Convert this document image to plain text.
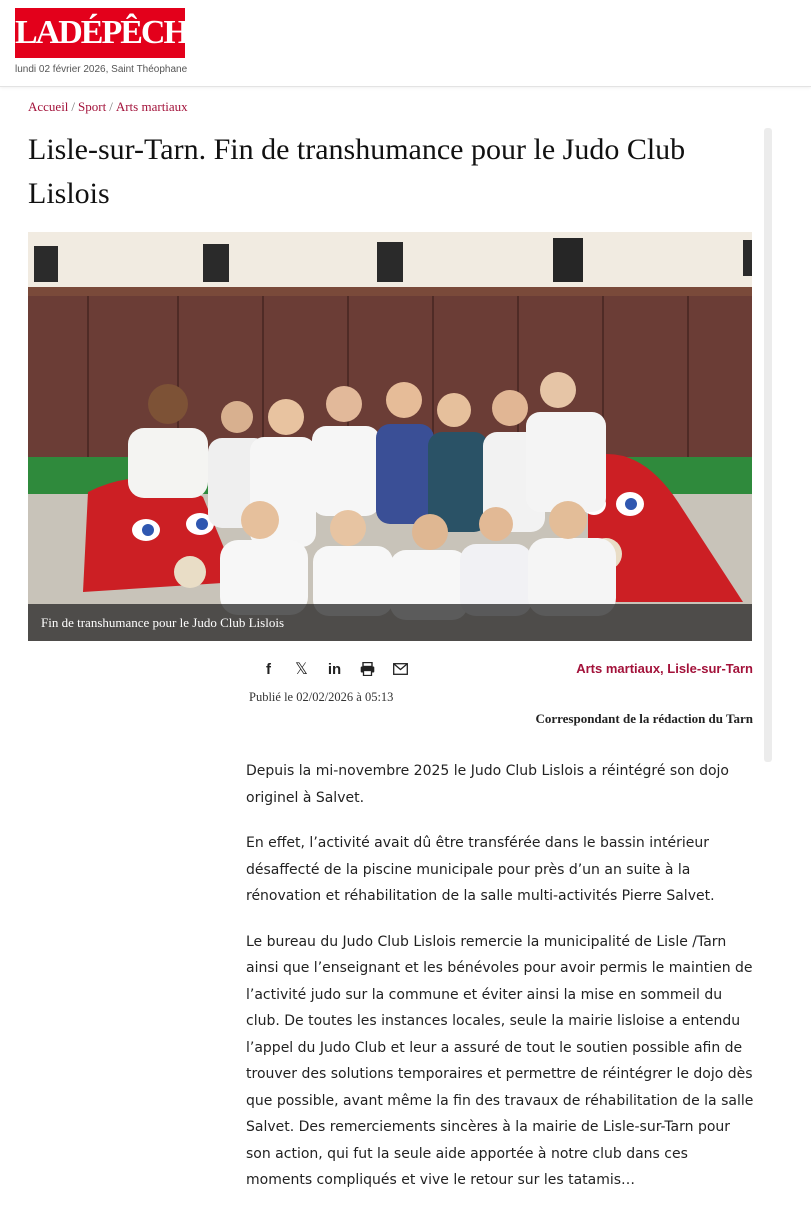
LADÉPÊCHE
lundi 02 février 2026, Saint Théophane
Accueil / Sport / Arts martiaux
Lisle-sur-Tarn. Fin de transhumance pour le Judo Club Lislois
Fin de transhumance pour le Judo Club Lislois
f	𝕏	in	Arts martiaux, Lisle-sur-Tarn
Publié le 02/02/2026 à 05:13
Correspondant de la rédaction du Tarn

Depuis la mi-novembre 2025 le Judo Club Lislois a réintégré son dojo originel à Salvet.

En effet, l’activité avait dû être transférée dans le bassin intérieur désaffecté de la piscine municipale pour près d’un an suite à la rénovation et réhabilitation de la salle multi-activités Pierre Salvet.

Le bureau du Judo Club Lislois remercie la municipalité de Lisle /Tarn ainsi que l’enseignant et les bénévoles pour avoir permis le maintien de l’activité judo sur la commune et éviter ainsi la mise en sommeil du club. De toutes les instances locales, seule la mairie lisloise a entendu l’appel du Judo Club et leur a assuré de tout le soutien possible afin de trouver des solutions temporaires et permettre de réintégrer le dojo dès que possible, avant même la fin des travaux de réhabilitation de la salle Salvet. Des remerciements sincères à la mairie de Lisle-sur-Tarn pour son action, qui fut la seule aide apportée à notre club dans ces moments compliqués et vive le retour sur les tatamis…
